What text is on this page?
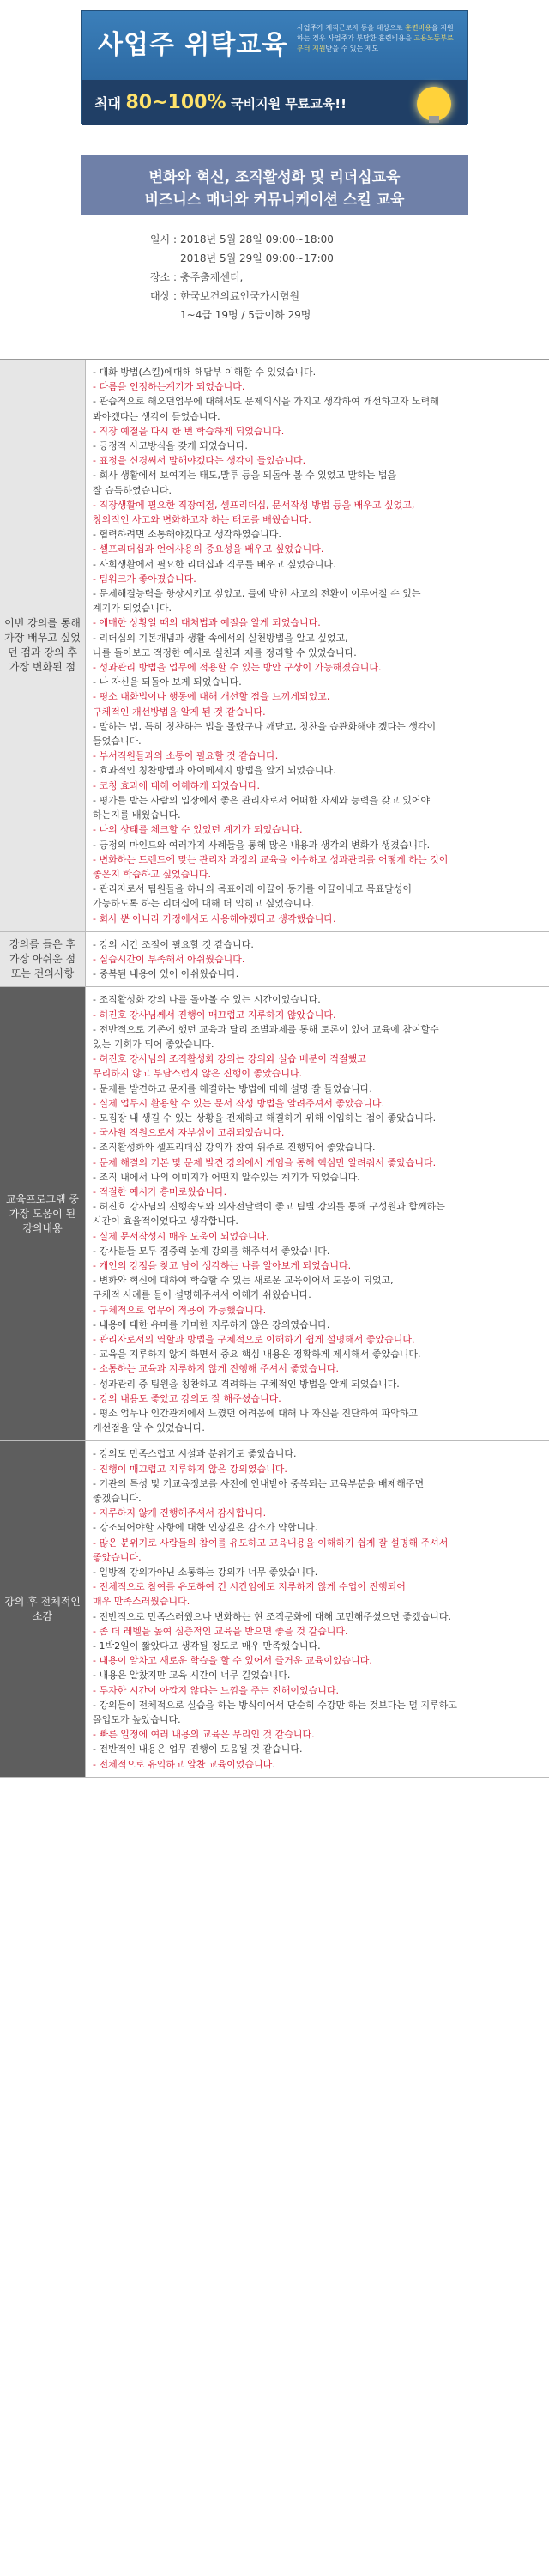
사업주 위탁교육
사업주가 재직근로자 등을 대상으로 훈련비용을 지원하는 경우 사업주가 부담한 훈련비용을 고용노동부로부터 지원받을 수 있는 제도
최대 80~100% 국비지원 무료교육!!
변화와 혁신, 조직활성화 및 리더십교육
비즈니스 매너와 커뮤니케이션 스킬 교육
일시 : 2018년 5월 28일 09:00~18:00
2018년 5월 29일 09:00~17:00
장소 : 충주출제센터,
대상 : 한국보건의료인국가시험원
1~4급 19명 / 5급이하 29명
이번 강의를 통해 가장 배우고 싶었던 점과 강의 후 가장 변화된 점
- 대화 방법(스킬)에대해 해답부 이해할 수 있었습니다.
- 다름을 인정하는계기가 되었습니다.
- 관습적으로 해오던업무에 대해서도 문제의식을 가지고 생각하여 개선하고자 노력해
봐야겠다는 생각이 들었습니다.
- 직장 예절을 다시 한 번 학습하게 되었습니다.
- 긍정적 사고방식을 갖게 되었습니다.
- 표정을 신경써서 말해야겠다는 생각이 들었습니다.
- 회사 생활에서 보여지는 태도,말투 등을 되돌아 볼 수 있었고 말하는 법을
잘 습득하였습니다.
- 직장생활에 필요한 직장예절, 셀프리더십, 문서작성 방법 등을 배우고 싶었고,
창의적인 사고와 변화하고자 하는 태도를 배웠습니다.
- 협력하려면 소통해야겠다고 생각하였습니다.
- 셀프리더십과 언어사용의 중요성을 배우고 싶었습니다.
- 사회생활에서 필요한 리더십과 직무를 배우고 싶었습니다.
- 팀워크가 좋아졌습니다.
- 문제해결능력을 향상시키고 싶었고, 틀에 박힌 사고의 전환이 이루어질 수 있는
계기가 되었습니다.
- 애매한 상황일 때의 대처법과 예절을 알게 되었습니다.
- 리더십의 기본개념과 생활 속에서의 실천방법을 알고 싶었고,
나를 돌아보고 적정한 예시로 실천과 제를 정리할 수 있었습니다.
- 성과관리 방법을 업무에 적용할 수 있는 방안 구상이 가능해졌습니다.
- 나 자신을 되돌아 보게 되었습니다.
- 평소 대화법이나 행동에 대해 개선할 점을 느끼게되었고,
구체적인 개선방법을 알게 된 것 같습니다.
- 말하는 법, 특히 칭찬하는 법을 몰랐구나 깨닫고, 칭찬을 습관화해야 겠다는 생각이
들었습니다.
- 부서직원들과의 소통이 필요할 것 같습니다.
- 효과적인 칭찬방법과 아이메세지 방법을 알게 되었습니다.
- 코칭 효과에 대해 이해하게 되었습니다.
- 평가를 받는 사람의 입장에서 좋은 관리자로서 어떠한 자세와 능력을 갖고 있어야
하는지를 배웠습니다.
- 나의 상태를 체크할 수 있었던 계기가 되었습니다.
- 긍정의 마인드와 여러가지 사례들을 통해 많은 내용과 생각의 변화가 생겼습니다.
- 변화하는 트렌드에 맞는 관리자 과정의 교육을 이수하고 성과관리를 어떻게 하는 것이
좋은지 학습하고 싶었습니다.
- 관리자로서 팀원들을 하나의 목표아래 이끌어 동기를 이끌어내고 목표달성이
가능하도록 하는 리더십에 대해 더 익히고 싶었습니다.
- 회사 뿐 아니라 가정에서도 사용해야겠다고 생각했습니다.
강의를 들은 후 가장 아쉬운 점 또는 건의사항
- 강의 시간 조절이 필요할 것 같습니다.
- 실습시간이 부족해서 아쉬웠습니다.
- 중복된 내용이 있어 아쉬웠습니다.
교육프로그램 중 가장 도움이 된 강의내용
- 조직활성화 강의 나를 돌아볼 수 있는 시간이었습니다.
- 허진호 강사님께서 진행이 매끄럽고 지루하지 않았습니다.
- 전반적으로 기존에 했던 교육과 달리 조별과제를 통해 토론이 있어 교육에 참여할수
있는 기회가 되어 좋았습니다.
- 허진호 강사님의 조직활성화 강의는 강의와 실습 배분이 적절했고
무리하지 않고 부담스럽지 않은 진행이 좋았습니다.
- 문제를 발견하고 문제를 해결하는 방법에 대해 설명 잘 들었습니다.
- 실제 업무시 활용할 수 있는 문서 작성 방법을 알려주셔서 좋았습니다.
- 모집장 내 생길 수 있는 상황을 전제하고 해결하기 위해 이입하는 점이 좋았습니다.
- 국사원 직원으로서 자부심이 고취되었습니다.
- 조직활성화와 셀프리더십 강의가 참여 위주로 진행되어 좋았습니다.
- 문제 해결의 기본 및 문제 발견 강의에서 게임을 통해 핵심만 알려줘서 좋았습니다.
- 조직 내에서 나의 이미지가 어떤지 알수있는 계기가 되었습니다.
- 적절한 예시가 흥미로웠습니다.
- 허진호 강사님의 진행속도와 의사전달력이 좋고 팀별 강의를 통해 구성원과 함께하는
시간이 효율적이었다고 생각합니다.
- 실제 문서작성시 매우 도움이 되었습니다.
- 강사분들 모두 집중력 높게 강의를 해주셔서 좋았습니다.
- 개인의 강점을 찾고 남이 생각하는 나를 알아보게 되었습니다.
- 변화와 혁신에 대하여 학습할 수 있는 새로운 교육이어서 도움이 되었고,
구체적 사례를 들어 설명해주셔서 이해가 쉬웠습니다.
- 구체적으로 업무에 적용이 가능했습니다.
- 내용에 대한 유머를 가미한 지루하지 않은 강의였습니다.
- 관리자로서의 역할과 방법을 구체적으로 이해하기 쉽게 설명해서 좋았습니다.
- 교육을 지루하지 않게 하면서 중요 핵심 내용은 정확하게 제시해서 좋았습니다.
- 소통하는 교육과 지루하지 않게 진행해 주셔서 좋았습니다.
- 성과관리 중 팀원을 칭찬하고 격려하는 구체적인 방법을 알게 되었습니다.
- 강의 내용도 좋았고 강의도 잘 해주셨습니다.
- 평소 업무나 인간관계에서 느꼈던 어려움에 대해 나 자신을 진단하여 파악하고
개선점을 알 수 있었습니다.
강의 후 전체적인 소감
- 강의도 만족스럽고 시설과 분위기도 좋았습니다.
- 진행이 매끄럽고 지루하지 않은 강의였습니다.
- 기관의 특성 및 기교육정보를 사전에 안내받아 중복되는 교육부분을 배제해주면
좋겠습니다.
- 지루하지 않게 진행해주셔서 감사합니다.
- 강조되어야할 사항에 대한 인상깊은 감소가 약합니다.
- 많은 분위기로 사람들의 참여를 유도하고 교육내용을 이해하기 쉽게 잘 설명해 주셔서
좋았습니다.
- 일방적 강의가아닌 소통하는 강의가 너무 좋았습니다.
- 전체적으로 참여를 유도하여 긴 시간임에도 지루하지 않게 수업이 진행되어
매우 만족스러웠습니다.
- 전반적으로 만족스러웠으나 변화하는 현 조직문화에 대해 고민해주셨으면 좋겠습니다.
- 좀 더 레벨을 높여 심층적인 교육을 받으면 좋을 것 같습니다.
- 1박2일이 짧았다고 생각될 정도로 매우 만족했습니다.
- 내용이 알차고 새로운 학습을 할 수 있어서 즐거운 교육이었습니다.
- 내용은 알찼지만 교육 시간이 너무 길었습니다.
- 투자한 시간이 아깝지 않다는 느낌을 주는 진해이었습니다.
- 강의들이 전체적으로 실습을 하는 방식이어서 단순히 수강만 하는 것보다는 덜 지루하고
몰입도가 높았습니다.
- 빠른 일정에 여러 내용의 교육은 무리인 것 같습니다.
- 전반적인 내용은 업무 진행이 도움될 것 같습니다.
- 전체적으로 유익하고 알찬 교육이었습니다.
